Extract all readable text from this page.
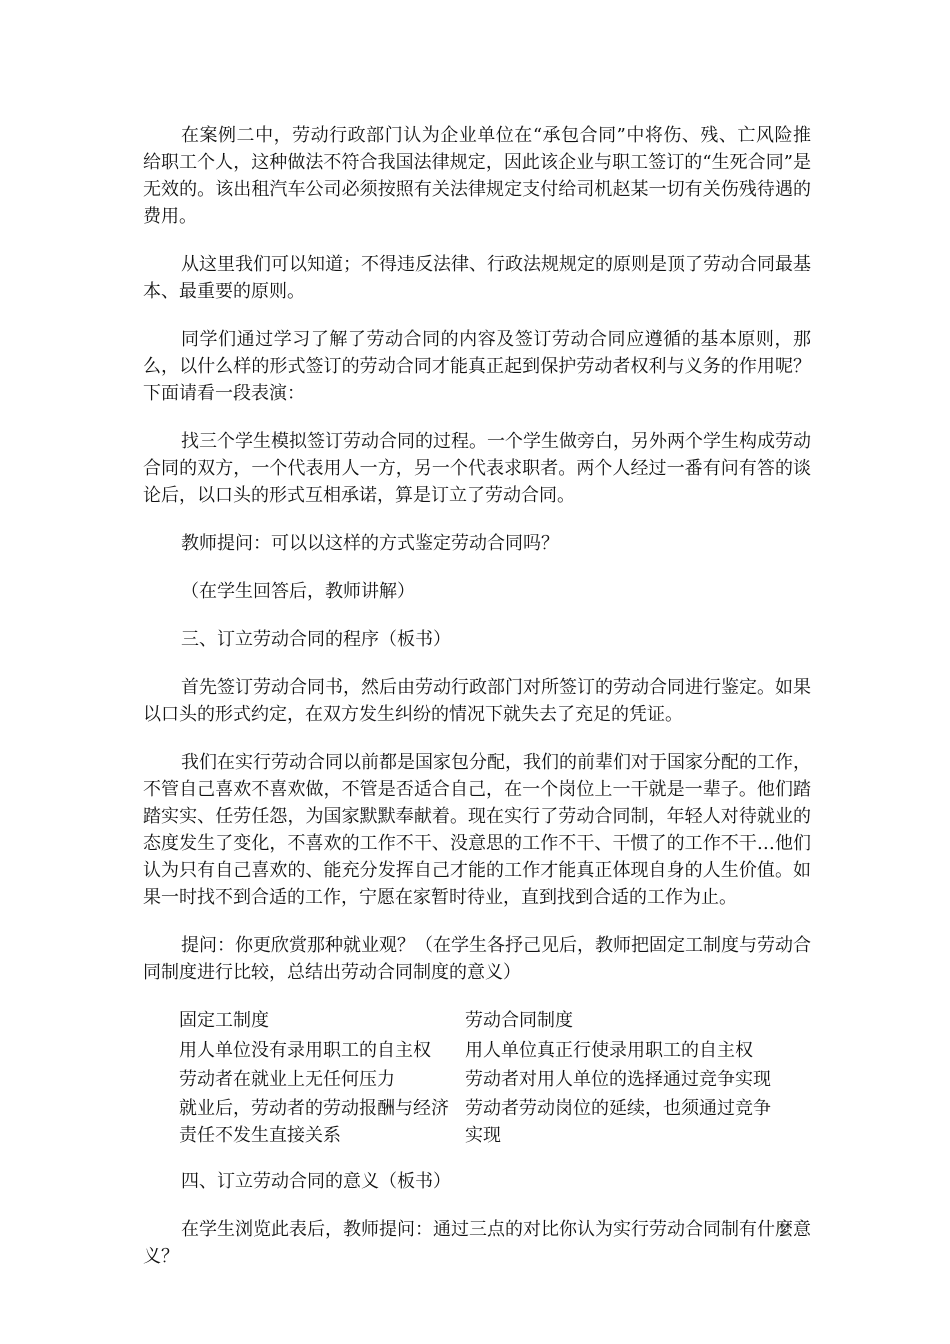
在案例二中，劳动行政部门认为企业单位在“承包合同”中将伤、残、亡风险推给职工个人，这种做法不符合我国法律规定，因此该企业与职工签订的“生死合同”是无效的。该出租汽车公司必须按照有关法律规定支付给司机赵某一切有关伤残待遇的费用。

从这里我们可以知道；不得违反法律、行政法规规定的原则是顶了劳动合同最基本、最重要的原则。

同学们通过学习了解了劳动合同的内容及签订劳动合同应遵循的基本原则，那么，以什么样的形式签订的劳动合同才能真正起到保护劳动者权利与义务的作用呢？下面请看一段表演：

找三个学生模拟签订劳动合同的过程。一个学生做旁白，另外两个学生构成劳动合同的双方，一个代表用人一方，另一个代表求职者。两个人经过一番有问有答的谈论后，以口头的形式互相承诺，算是订立了劳动合同。

教师提问：可以以这样的方式鉴定劳动合同吗？

（在学生回答后，教师讲解）

三、订立劳动合同的程序（板书）

首先签订劳动合同书，然后由劳动行政部门对所签订的劳动合同进行鉴定。如果以口头的形式约定，在双方发生纠纷的情况下就失去了充足的凭证。

我们在实行劳动合同以前都是国家包分配，我们的前辈们对于国家分配的工作，不管自己喜欢不喜欢做，不管是否适合自己，在一个岗位上一干就是一辈子。他们踏踏实实、任劳任怨，为国家默默奉献着。现在实行了劳动合同制，年轻人对待就业的态度发生了变化，不喜欢的工作不干、没意思的工作不干、干惯了的工作不干…他们认为只有自己喜欢的、能充分发挥自己才能的工作才能真正体现自身的人生价值。如果一时找不到合适的工作，宁愿在家暂时待业，直到找到合适的工作为止。

提问：你更欣赏那种就业观？（在学生各抒己见后，教师把固定工制度与劳动合同制度进行比较，总结出劳动合同制度的意义）

固定工制度	劳动合同制度
用人单位没有录用职工的自主权	用人单位真正行使录用职工的自主权
劳动者在就业上无任何压力	劳动者对用人单位的选择通过竞争实现
就业后，劳动者的劳动报酬与经济责任不发生直接关系	劳动者劳动岗位的延续，也须通过竞争实现

四、订立劳动合同的意义（板书）

在学生浏览此表后，教师提问：通过三点的对比你认为实行劳动合同制有什麼意义？
